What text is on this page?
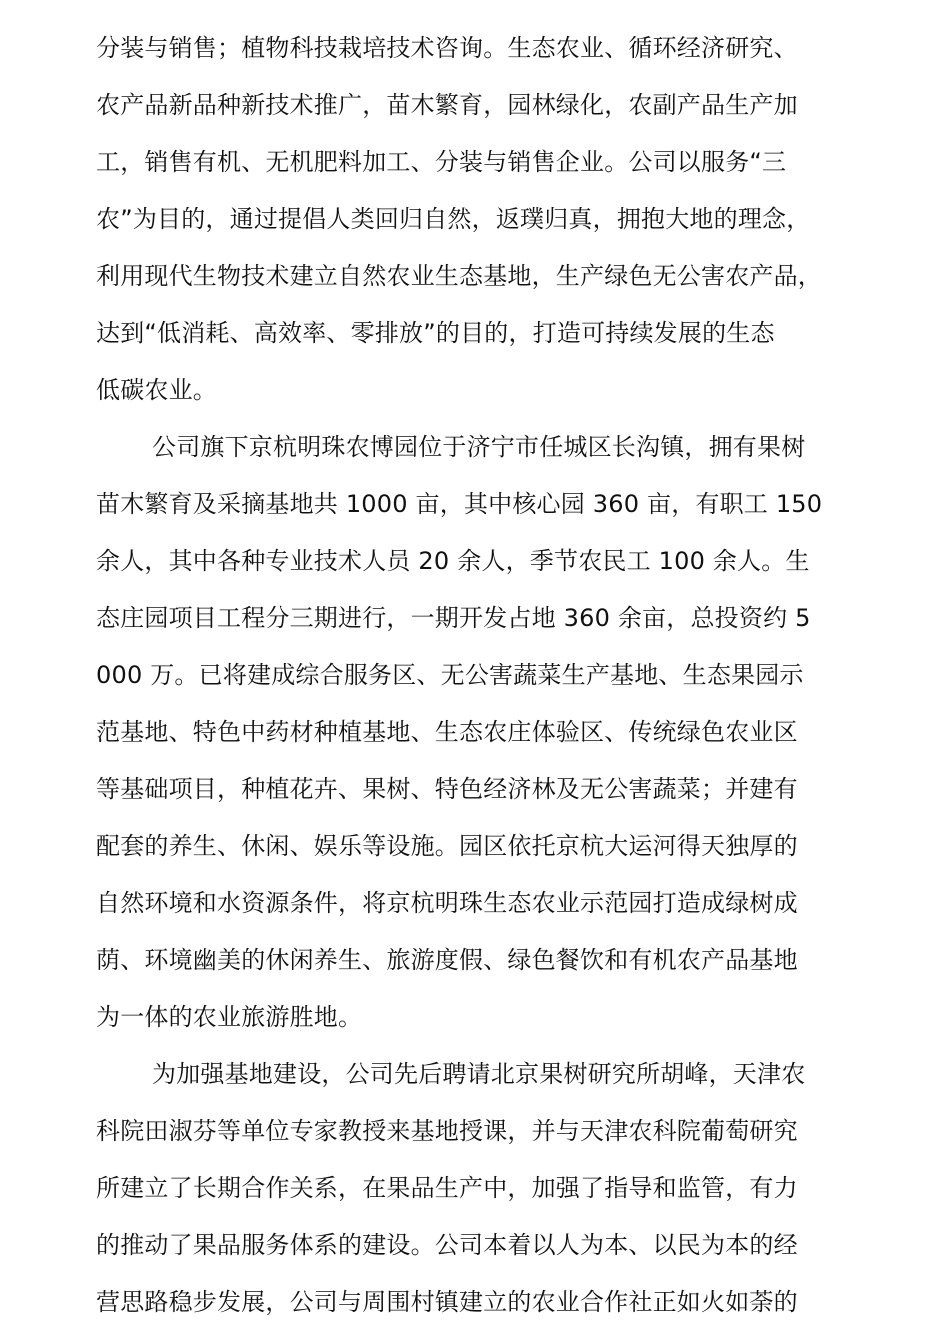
分装与销售；植物科技栽培技术咨询。生态农业、循环经济研究、
农产品新品种新技术推广，苗木繁育，园林绿化，农副产品生产加
工，销售有机、无机肥料加工、分装与销售企业。公司以服务“三
农”为目的，通过提倡人类回归自然，返璞归真，拥抱大地的理念，
利用现代生物技术建立自然农业生态基地，生产绿色无公害农产品，
达到“低消耗、高效率、零排放”的目的，打造可持续发展的生态
低碳农业。
公司旗下京杭明珠农博园位于济宁市任城区长沟镇，拥有果树
苗木繁育及采摘基地共 1000 亩，其中核心园 360 亩，有职工 150
余人，其中各种专业技术人员 20 余人，季节农民工 100 余人。生
态庄园项目工程分三期进行，一期开发占地 360 余亩，总投资约 5
000 万。已将建成综合服务区、无公害蔬菜生产基地、生态果园示
范基地、特色中药材种植基地、生态农庄体验区、传统绿色农业区
等基础项目，种植花卉、果树、特色经济林及无公害蔬菜；并建有
配套的养生、休闲、娱乐等设施。园区依托京杭大运河得天独厚的
自然环境和水资源条件，将京杭明珠生态农业示范园打造成绿树成
荫、环境幽美的休闲养生、旅游度假、绿色餐饮和有机农产品基地
为一体的农业旅游胜地。
为加强基地建设，公司先后聘请北京果树研究所胡峰，天津农
科院田淑芬等单位专家教授来基地授课，并与天津农科院葡萄研究
所建立了长期合作关系，在果品生产中，加强了指导和监管，有力
的推动了果品服务体系的建设。公司本着以人为本、以民为本的经
营思路稳步发展，公司与周围村镇建立的农业合作社正如火如荼的
